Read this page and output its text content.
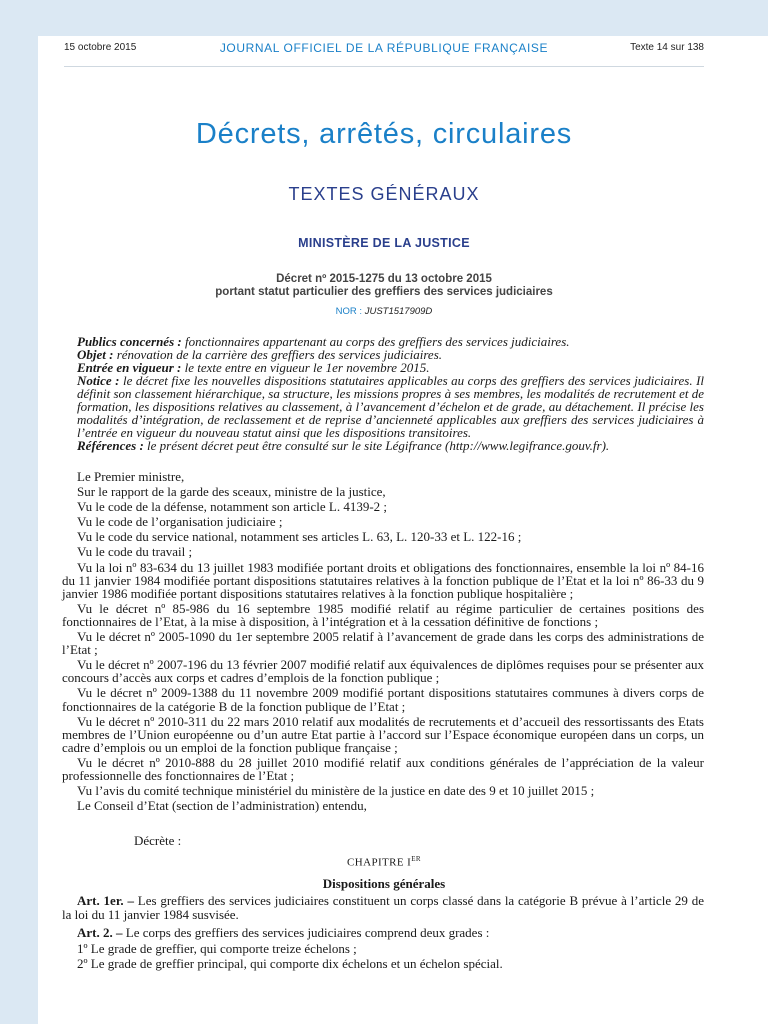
15 octobre 2015	JOURNAL OFFICIEL DE LA RÉPUBLIQUE FRANÇAISE	Texte 14 sur 138
Décrets, arrêtés, circulaires
TEXTES GÉNÉRAUX
MINISTÈRE DE LA JUSTICE
Décret nº 2015-1275 du 13 octobre 2015
portant statut particulier des greffiers des services judiciaires
NOR : JUST1517909D

Publics concernés : fonctionnaires appartenant au corps des greffiers des services judiciaires.

Objet : rénovation de la carrière des greffiers des services judiciaires.

Entrée en vigueur : le texte entre en vigueur le 1er novembre 2015.

Notice : le décret fixe les nouvelles dispositions statutaires applicables au corps des greffiers des services judiciaires. Il définit son classement hiérarchique, sa structure, les missions propres à ses membres, les modalités de recrutement et de formation, les dispositions relatives au classement, à l’avancement d’échelon et de grade, au détachement. Il précise les modalités d’intégration, de reclassement et de reprise d’ancienneté applicables aux greffiers des services judiciaires à l’entrée en vigueur du nouveau statut ainsi que les dispositions transitoires.

Références : le présent décret peut être consulté sur le site Légifrance (http://www.legifrance.gouv.fr).

Le Premier ministre,

Sur le rapport de la garde des sceaux, ministre de la justice,

Vu le code de la défense, notamment son article L. 4139-2 ;

Vu le code de l’organisation judiciaire ;

Vu le code du service national, notamment ses articles L. 63, L. 120-33 et L. 122-16 ;

Vu le code du travail ;

Vu la loi nº 83-634 du 13 juillet 1983 modifiée portant droits et obligations des fonctionnaires, ensemble la loi nº 84-16 du 11 janvier 1984 modifiée portant dispositions statutaires relatives à la fonction publique de l’Etat et la loi nº 86-33 du 9 janvier 1986 modifiée portant dispositions statutaires relatives à la fonction publique hospitalière ;

Vu le décret nº 85-986 du 16 septembre 1985 modifié relatif au régime particulier de certaines positions des fonctionnaires de l’Etat, à la mise à disposition, à l’intégration et à la cessation définitive de fonctions ;

Vu le décret nº 2005-1090 du 1er septembre 2005 relatif à l’avancement de grade dans les corps des administrations de l’Etat ;

Vu le décret nº 2007-196 du 13 février 2007 modifié relatif aux équivalences de diplômes requises pour se présenter aux concours d’accès aux corps et cadres d’emplois de la fonction publique ;

Vu le décret nº 2009-1388 du 11 novembre 2009 modifié portant dispositions statutaires communes à divers corps de fonctionnaires de la catégorie B de la fonction publique de l’Etat ;

Vu le décret nº 2010-311 du 22 mars 2010 relatif aux modalités de recrutements et d’accueil des ressortissants des Etats membres de l’Union européenne ou d’un autre Etat partie à l’accord sur l’Espace économique européen dans un corps, un cadre d’emplois ou un emploi de la fonction publique française ;

Vu le décret nº 2010-888 du 28 juillet 2010 modifié relatif aux conditions générales de l’appréciation de la valeur professionnelle des fonctionnaires de l’Etat ;

Vu l’avis du comité technique ministériel du ministère de la justice en date des 9 et 10 juillet 2015 ;

Le Conseil d’Etat (section de l’administration) entendu,

Décrète :
CHAPITRE IER
Dispositions générales

Art. 1er. – Les greffiers des services judiciaires constituent un corps classé dans la catégorie B prévue à l’article 29 de la loi du 11 janvier 1984 susvisée.

Art. 2. – Le corps des greffiers des services judiciaires comprend deux grades :

1º Le grade de greffier, qui comporte treize échelons ;

2º Le grade de greffier principal, qui comporte dix échelons et un échelon spécial.
